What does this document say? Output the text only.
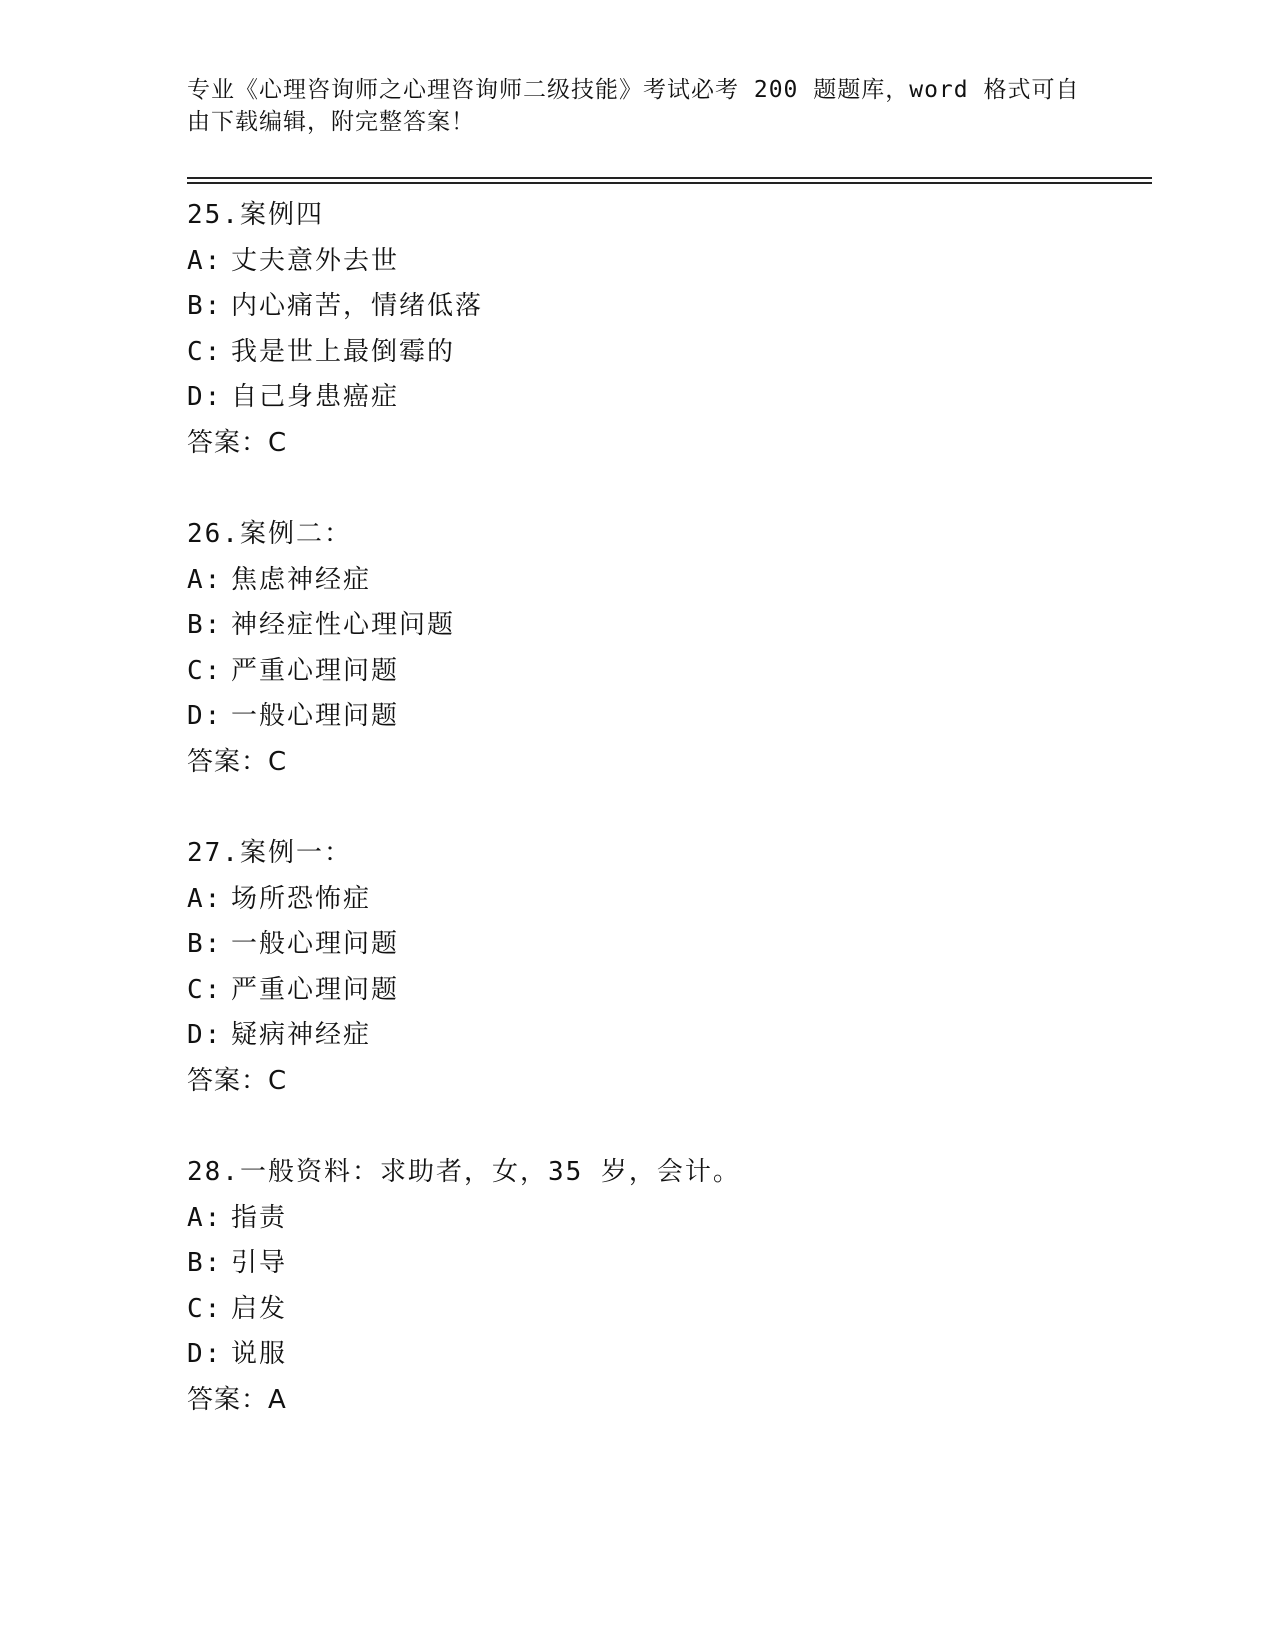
专业《心理咨询师之心理咨询师二级技能》考试必考 200 题题库，word 格式可自
由下载编辑，附完整答案！
25.案例四
A: 丈夫意外去世
B: 内心痛苦，情绪低落
C: 我是世上最倒霉的
D: 自己身患癌症
答案：C
26.案例二：
A: 焦虑神经症
B: 神经症性心理问题
C: 严重心理问题
D: 一般心理问题
答案：C
27.案例一：
A: 场所恐怖症
B: 一般心理问题
C: 严重心理问题
D: 疑病神经症
答案：C
28.一般资料：求助者，女，35 岁，会计。
A: 指责
B: 引导
C: 启发
D: 说服
答案：A
